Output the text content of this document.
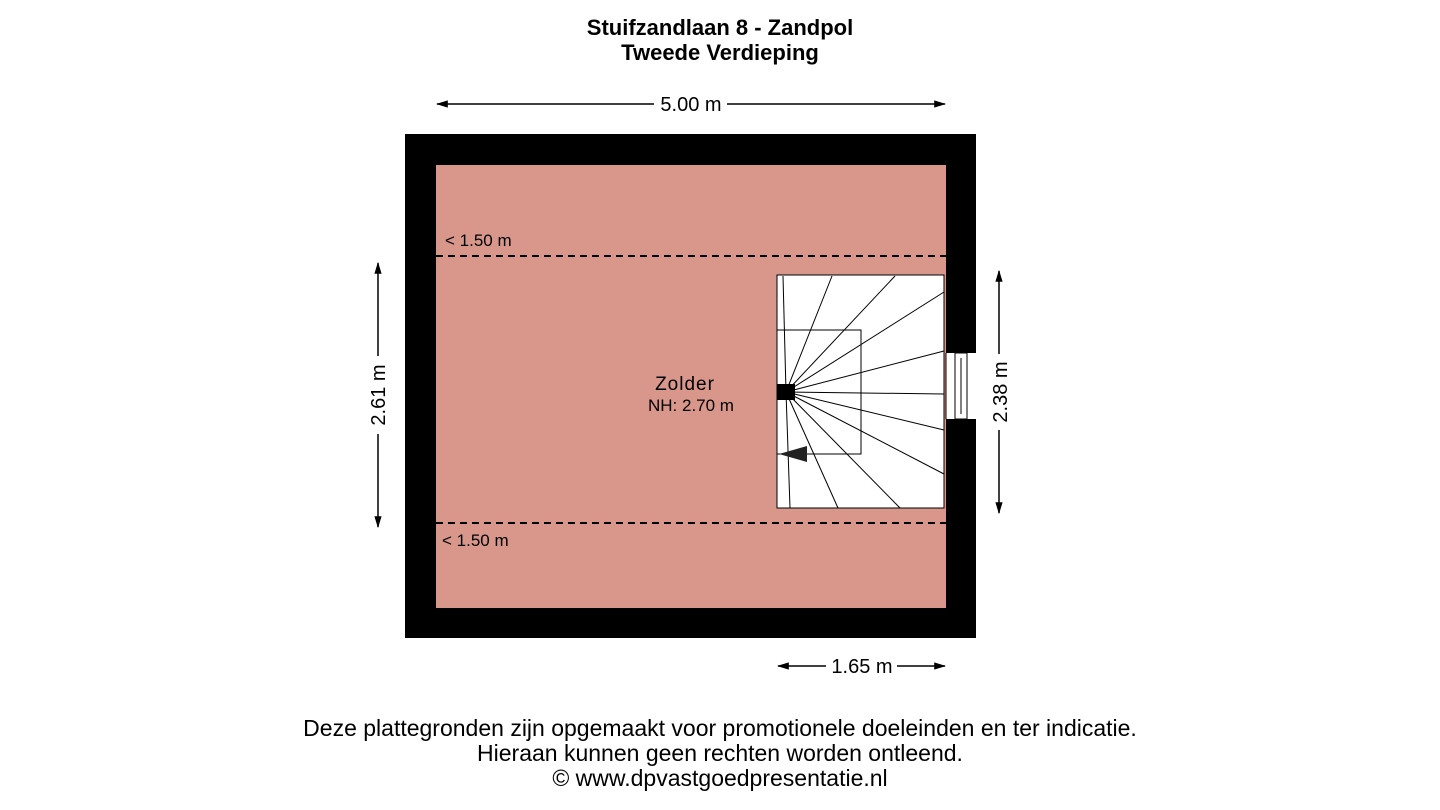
Stuifzandlaan 8 - Zandpol
Tweede Verdieping
5.00 m
2.61 m	2.38 m
1.65 m
Zolder
NH: 2.70 m
< 1.50 m
< 1.50 m
Deze plattegronden zijn opgemaakt voor promotionele doeleinden en ter indicatie.
Hieraan kunnen geen rechten worden ontleend.
© www.dpvastgoedpresentatie.nl
